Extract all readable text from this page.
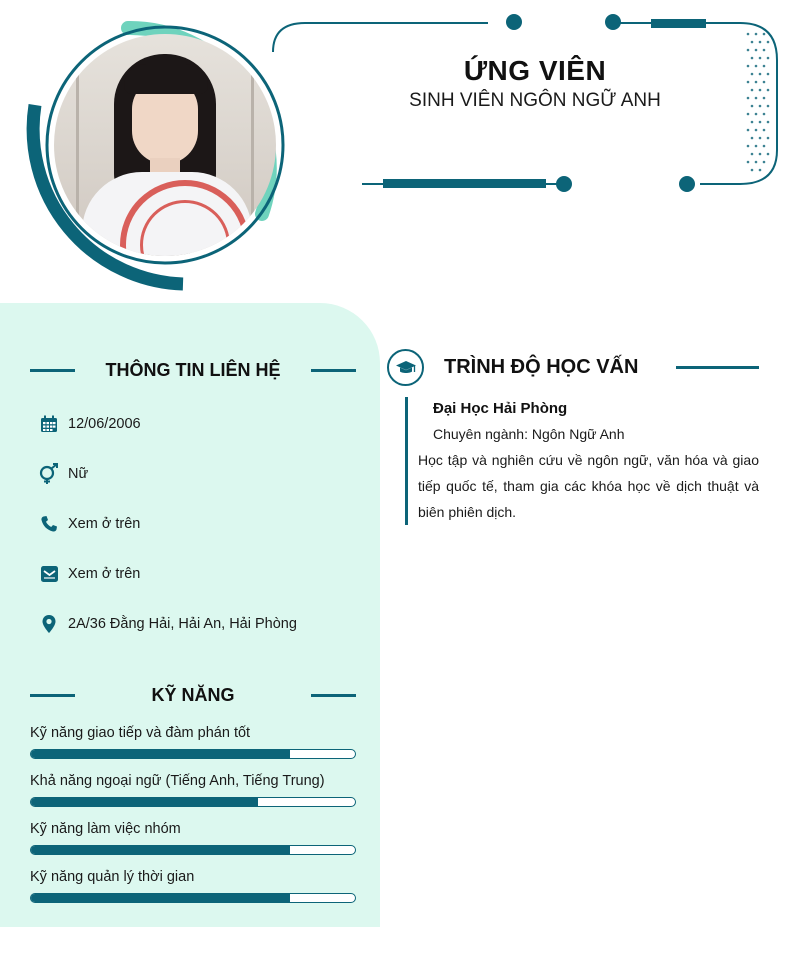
ỨNG VIÊN
SINH VIÊN NGÔN NGỮ ANH
THÔNG TIN LIÊN HỆ
12/06/2006
Nữ
Xem ở trên
Xem ở trên
2A/36 Đằng Hải, Hải An, Hải Phòng
KỸ NĂNG
Kỹ năng giao tiếp và đàm phán tốt
Khả năng ngoại ngữ (Tiếng Anh, Tiếng Trung)
Kỹ năng làm việc nhóm
Kỹ năng quản lý thời gian
TRÌNH ĐỘ HỌC VẤN
Đại Học Hải Phòng
Chuyên ngành: Ngôn Ngữ Anh
Học tập và nghiên cứu về ngôn ngữ, văn hóa và giao tiếp quốc tế, tham gia các khóa học về dịch thuật và biên phiên dịch.
